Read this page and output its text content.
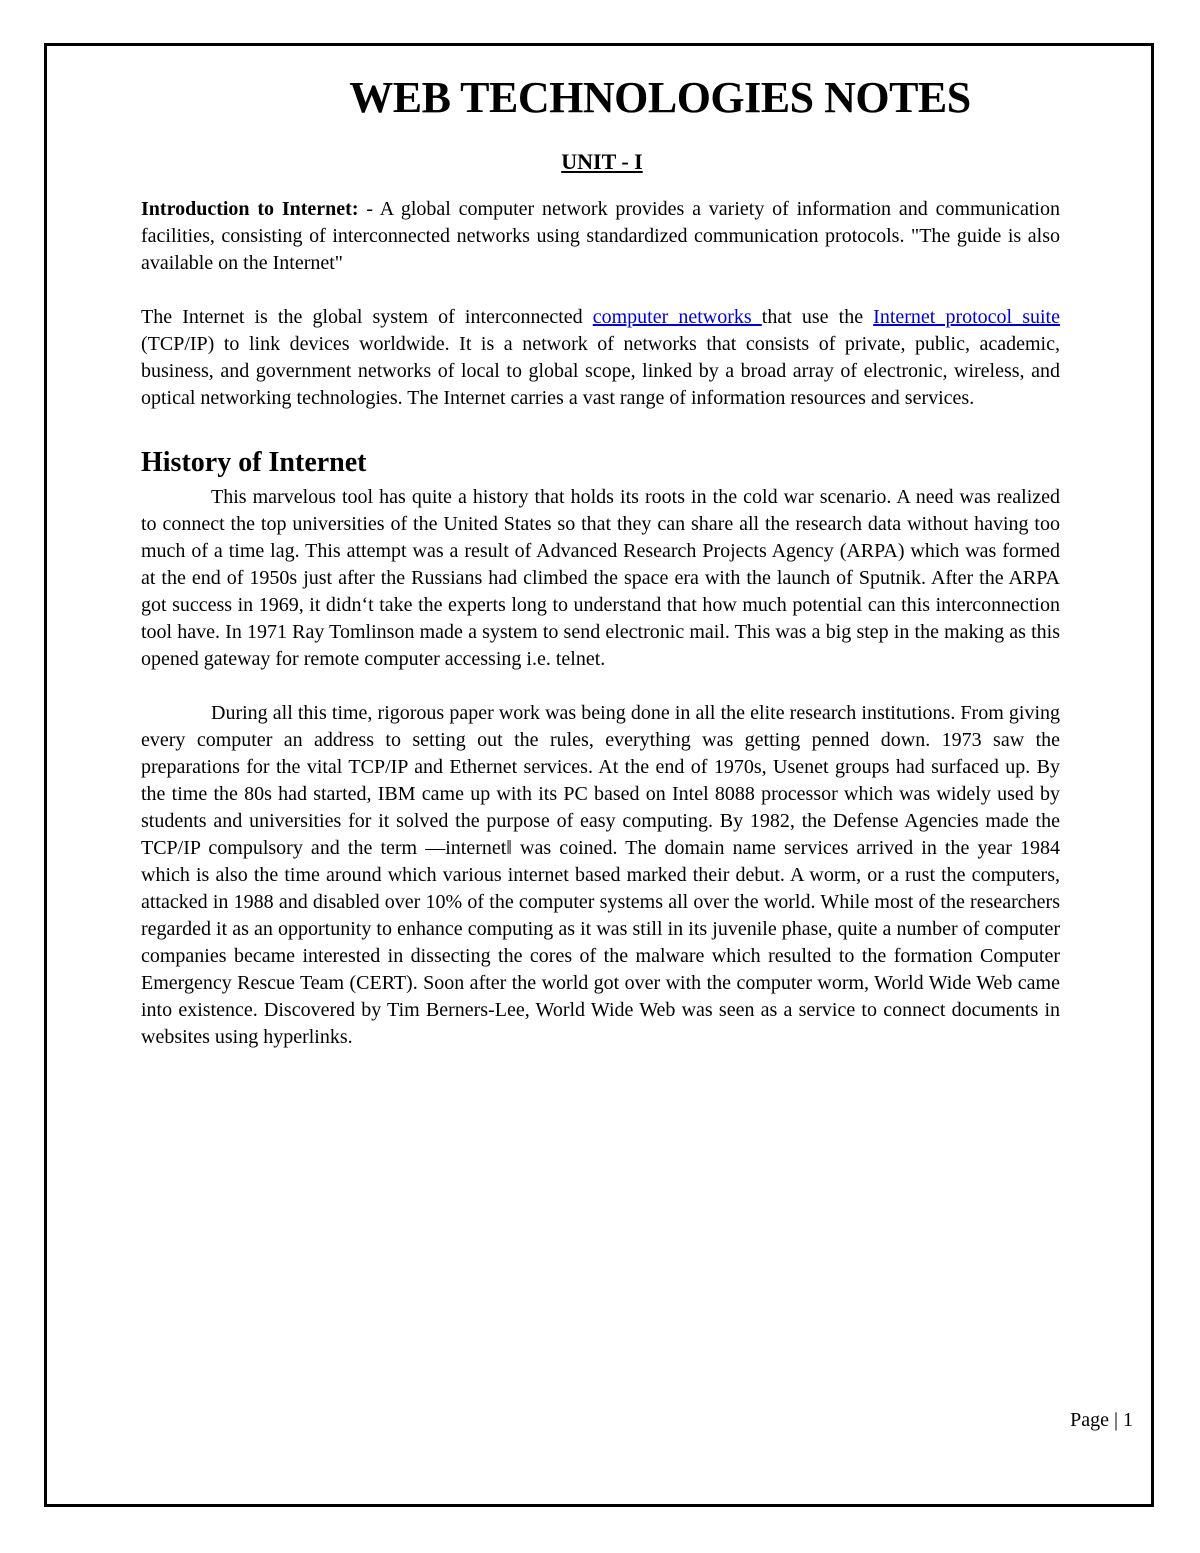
WEB TECHNOLOGIES NOTES
UNIT - I

Introduction to Internet: - A global computer network provides a variety of information and communication facilities, consisting of interconnected networks using standardized communication protocols. "The guide is also available on the Internet"

The Internet is the global system of interconnected computer networks that use the Internet protocol suite (TCP/IP) to link devices worldwide. It is a network of networks that consists of private, public, academic, business, and government networks of local to global scope, linked by a broad array of electronic, wireless, and optical networking technologies. The Internet carries a vast range of information resources and services.

History of Internet

This marvelous tool has quite a history that holds its roots in the cold war scenario. A need was realized to connect the top universities of the United States so that they can share all the research data without having too much of a time lag. This attempt was a result of Advanced Research Projects Agency (ARPA) which was formed at the end of 1950s just after the Russians had climbed the space era with the launch of Sputnik. After the ARPA got success in 1969, it didn‘t take the experts long to understand that how much potential can this interconnection tool have. In 1971 Ray Tomlinson made a system to send electronic mail. This was a big step in the making as this opened gateway for remote computer accessing i.e. telnet.

During all this time, rigorous paper work was being done in all the elite research institutions. From giving every computer an address to setting out the rules, everything was getting penned down. 1973 saw the preparations for the vital TCP/IP and Ethernet services. At the end of 1970s, Usenet groups had surfaced up. By the time the 80s had started, IBM came up with its PC based on Intel 8088 processor which was widely used by students and universities for it solved the purpose of easy computing. By 1982, the Defense Agencies made the TCP/IP compulsory and the term ―internet‖ was coined. The domain name services arrived in the year 1984 which is also the time around which various internet based marked their debut. A worm, or a rust the computers, attacked in 1988 and disabled over 10% of the computer systems all over the world. While most of the researchers regarded it as an opportunity to enhance computing as it was still in its juvenile phase, quite a number of computer companies became interested in dissecting the cores of the malware which resulted to the formation Computer Emergency Rescue Team (CERT). Soon after the world got over with the computer worm, World Wide Web came into existence. Discovered by Tim Berners-Lee, World Wide Web was seen as a service to connect documents in websites using hyperlinks.

Page | 1
